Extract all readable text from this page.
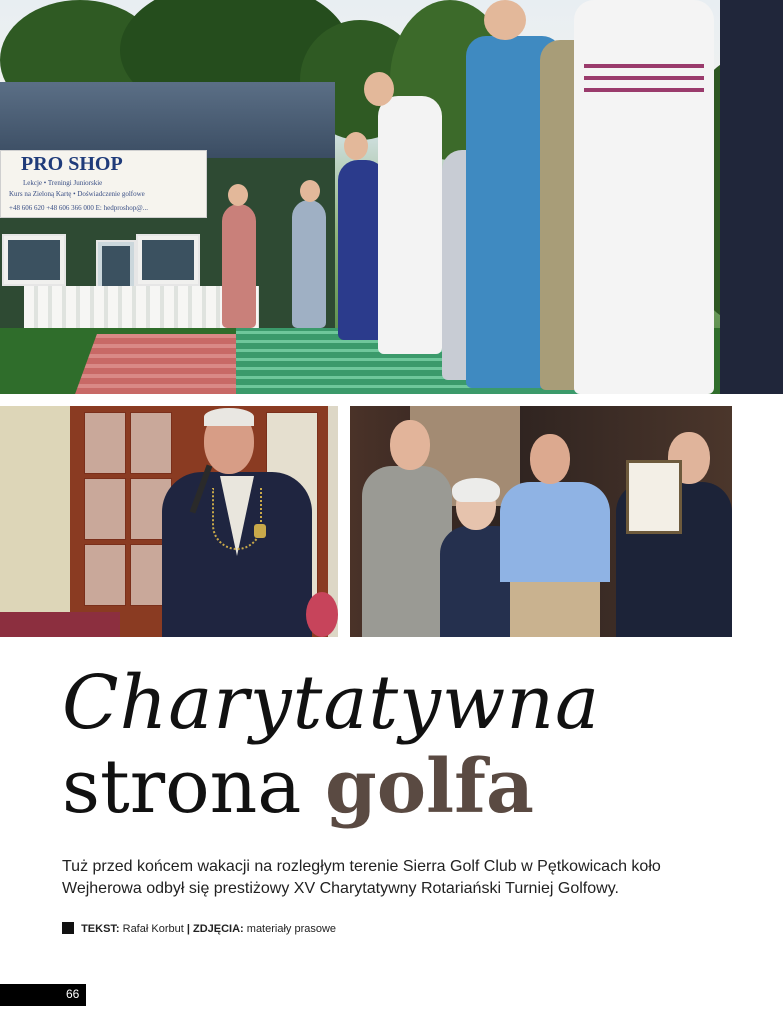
PRO SHOP
Lekcje • Treningi Juniorskie
Kurs na Zieloną Kartę • Doświadczenie golfowe
+48 606 620 +48 606 366 000 E: hedproshop@...
Charytatywna
strona golfa

Tuż przed końcem wakacji na rozległym terenie Sierra Golf Club w Pętkowicach koło Wejherowa odbył się prestiżowy XV Charytatywny Rotariański Turniej Golfowy.

TEKST: Rafał Korbut | ZDJĘCIA: materiały prasowe
66
